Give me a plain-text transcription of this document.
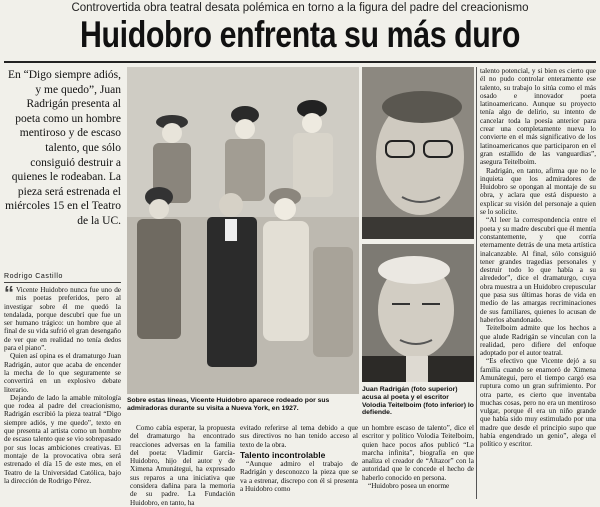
Controvertida obra teatral desata polémica en torno a la figura del padre del creacionismo
Huidobro enfrenta su más duro
En “Digo siempre adiós, y me quedo”, Juan Radrigán presenta al poeta como un hombre mentiroso y de escaso talento, que sólo consiguió destruir a quienes le rodeaban. La pieza será estrenada el miércoles 15 en el Teatro de la UC.
Rodrigo Castillo
Sobre estas líneas, Vicente Huidobro aparece rodeado por sus admiradoras durante su visita a Nueva York, en 1927.
Juan Radrigán (foto superior) acusa al poeta y el escritor Volodia Teitelboim (foto inferior) lo defiende.

“ Vicente Huidobro nunca fue uno de mis poetas preferidos, pero al investigar sobre él me quedó la tendalada, porque descubrí que fue un ser humano trágico: un hombre que al final de su vida sufrió el gran desengaño de ver que en realidad no tenía dedos para el piano”.

Quien así opina es el dramaturgo Juan Radrigán, autor que acaba de encender la mecha de lo que seguramente se convertirá en un explosivo debate literario.

Dejando de lado la amable mitología que rodea al padre del creacionismo, Radrigán escribió la pieza teatral “Digo siempre adiós, y me quedo”, texto en que presenta al artista como un hombre de escaso talento que se vio sobrepasado por sus locas ambiciones creativas. El montaje de la provocativa obra será estrenado el día 15 de este mes, en el Teatro de la Universidad Católica, bajo la dirección de Rodrigo Pérez.

Como cabía esperar, la propuesta del dramaturgo ha encontrado reacciones adversas en la familia del poeta: Vladimir García-Huidobro, hijo del autor y de Ximena Amunátegui, ha expresado sus reparos a una iniciativa que considera dañina para la memoria de su padre. La Fundación Huidobro, en tanto, ha

evitado referirse al tema debido a que sus directivos no han tenido acceso al texto de la obra.

Talento incontrolable

“Aunque admiro el trabajo de Radrigán y desconozco la pieza que se va a estrenar, discrepo con él si presenta a Huidobro como

un hombre escaso de talento”, dice el escritor y político Volodia Teitelboim, quien hace pocos años publicó “La marcha infinita”, biografía en que analiza el creador de “Altazor” con la autoridad que le concede el hecho de haberlo conocido en persona.

“Huidobro posea un enorme

talento potencial, y si bien es cierto que él no pudo controlar enteramente ese talento, su trabajo lo sitúa como el más osado e innovador poeta latinoamericano. Aunque su proyecto tenía algo de delirio, su intento de cancelar toda la poesía anterior para crear una completamente nueva lo convierte en el más significativo de los latinoamericanos que participaron en el gran estallido de las vanguardias”, asegura Teitelboim.

Radrigán, en tanto, afirma que no le inquieta que los admiradores de Huidobro se opongan al montaje de su obra, y aclara que está dispuesto a explicar su visión del personaje a quien se lo solicite.

“Al leer la correspondencia entre el poeta y su madre descubrí que él mentía constantemente, y que corría eternamente detrás de una meta artística inalcanzable. Al final, sólo consiguió tener grandes tragedias personales y destruir todo lo que había a su alrededor”, dice el dramaturgo, cuya obra muestra a un Huidobro crepuscular que pasa sus últimas horas de vida en medio de las amargas recriminaciones de sus familiares, quienes lo acusan de haberlos abandonado.

Teitelboim admite que los hechos a que alude Radrigán se vinculan con la realidad, pero difiere del enfoque adoptado por el autor teatral.

“Es efectivo que Vicente dejó a su familia cuando se enamoró de Ximena Amunátegui, pero el tiempo cargó esa ruptura como un gran sufrimiento. Por otra parte, es cierto que inventaba muchas cosas, pero no era un mentiroso vulgar, porque él era un niño grande que había sido muy estimulado por una madre que desde el principio supo que había engendrado un genio”, alega el político y escritor.
